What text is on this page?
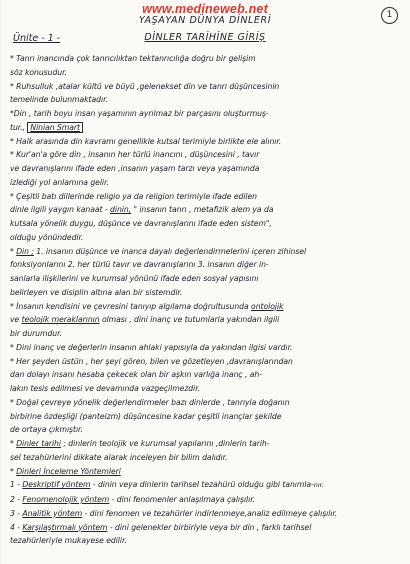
www.medineweb.net	1
YAŞAYAN DÜNYA DİNLERİ
Ünite - 1 -	DİNLER TARİHİNE GİRİŞ
* Tanrı inancında çok tanrıcılıktan tektanrıcılığa doğru bir gelişim
söz konusudur.
* Ruhsulluk ,atalar kültü ve büyü ,gelenekset din ve tanrı düşüncesinin
temelinde bulunmaktadır.
*Din , tarih boyu insan yaşamının ayrılmaz bir parçasını oluşturmuş-
tur., Ninian Smart
* Halk arasında din kavramı genellikle kutsal terimiyle birlikte ele alınır.
* Kur'an'a göre din , insanın her türlü inancını , düşüncesini , tavır
ve davranışlarını ifade eden ,insanın yaşam tarzı veya yaşamında
izlediği yol anlamına gelir.
* Çeşitli batı dillerinde religio ya da religion terimiyle ifade edilen
dinle ilgili yaygın kanaat - dinin, " insanın tanrı , metafizik alem ya da
kutsala yönelik duygu, düşünce ve davranışlarını ifade eden sistem",
olduğu yönündedir.
* Din ; 1. insanın düşünce ve inanca dayalı değerlendirmelerini içeren zihinsel
fonksiyonlarını 2. her türlü tavır ve davranışlarını 3. insanın diğer in-
sanlarla ilişkilerini ve kurumsal yönünü ifade eden sosyal yapısını
belirleyen ve disiplin altına alan bir sistemdir.
* İnsanın kendisini ve çevresini tanıyıp algılama doğrultusunda ontolojik
ve teolojik meraklarının olması , dini inanç ve tutumlarla yakından ilgili
bir durumdur.
* Dini inanç ve değerlerin insanın ahlaki yapısıyla da yakından ilgisi vardır.
* Her şeyden üstün , her şeyi gören, bilen ve gözetleyen ,davranışlarından
dan dolayı insanı hesaba çekecek olan bir aşkın varlığa inanç , ah-
lakın tesis edilmesi ve devamında vazgeçilmezdir.
* Doğal çevreye yönelik değerlendirmeler bazı dinlerde , tanrıyla doğanın
birbirine özdeşliği (panteizm) düşüncesine kadar çeşitli inançlar şekilde
de ortaya çıkmıştır.
* Dinler tarihi ; dinlerin teolojik ve kurumsal yapılarını ,dinlerin tarih-
sel tezahürlerini dikkate alarak inceleyen bir bilim dalıdır.
* Dinleri İnceleme Yöntemleri
1 - Deskriptif yöntem - dinin veya dinlerin tarihsel tezahürü olduğu gibi tanımla-nır.
2 - Fenomenolojik yöntem - dini fenomenler anlaşılmaya çalışılır.
3 - Analitik yöntem - dini fenomen ve tezahürler indirlenmeye,analiz edilmeye çalışılır.
4 - Karşılaştırmalı yöntem - dini gelenekler birbiriyle veya bir din , farklı tarihsel
tezahürleriyle mukayese edilir.
